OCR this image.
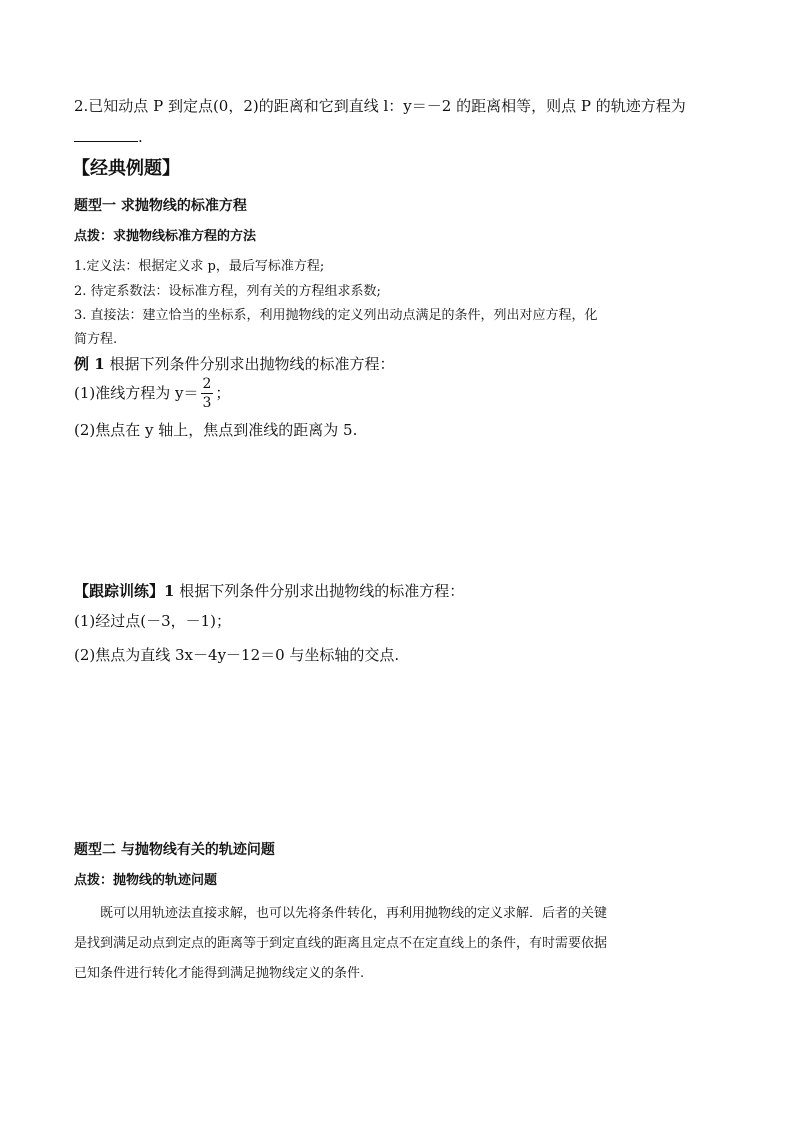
2.已知动点 P 到定点(0，2)的距离和它到直线 l：y＝－2 的距离相等，则点 P 的轨迹方程为
.
【经典例题】
题型一 求抛物线的标准方程
点拨：求抛物线标准方程的方法
1.定义法：根据定义求 p，最后写标准方程;
2. 待定系数法：设标准方程，列有关的方程组求系数;
3. 直接法：建立恰当的坐标系，利用抛物线的定义列出动点满足的条件，列出对应方程，化
简方程.
例 1 根据下列条件分别求出抛物线的标准方程：
(1)准线方程为 $y= \frac{2}{3}$ ；
(2)焦点在 y 轴上，焦点到准线的距离为 5.
【跟踪训练】1 根据下列条件分别求出抛物线的标准方程：
(1)经过点(－3，－1)；
(2)焦点为直线 3x－4y－12＝0 与坐标轴的交点.
题型二 与抛物线有关的轨迹问题
点拨：抛物线的轨迹问题
既可以用轨迹法直接求解，也可以先将条件转化，再利用抛物线的定义求解．后者的关键
是找到满足动点到定点的距离等于到定直线的距离且定点不在定直线上的条件，有时需要依据
已知条件进行转化才能得到满足抛物线定义的条件.
